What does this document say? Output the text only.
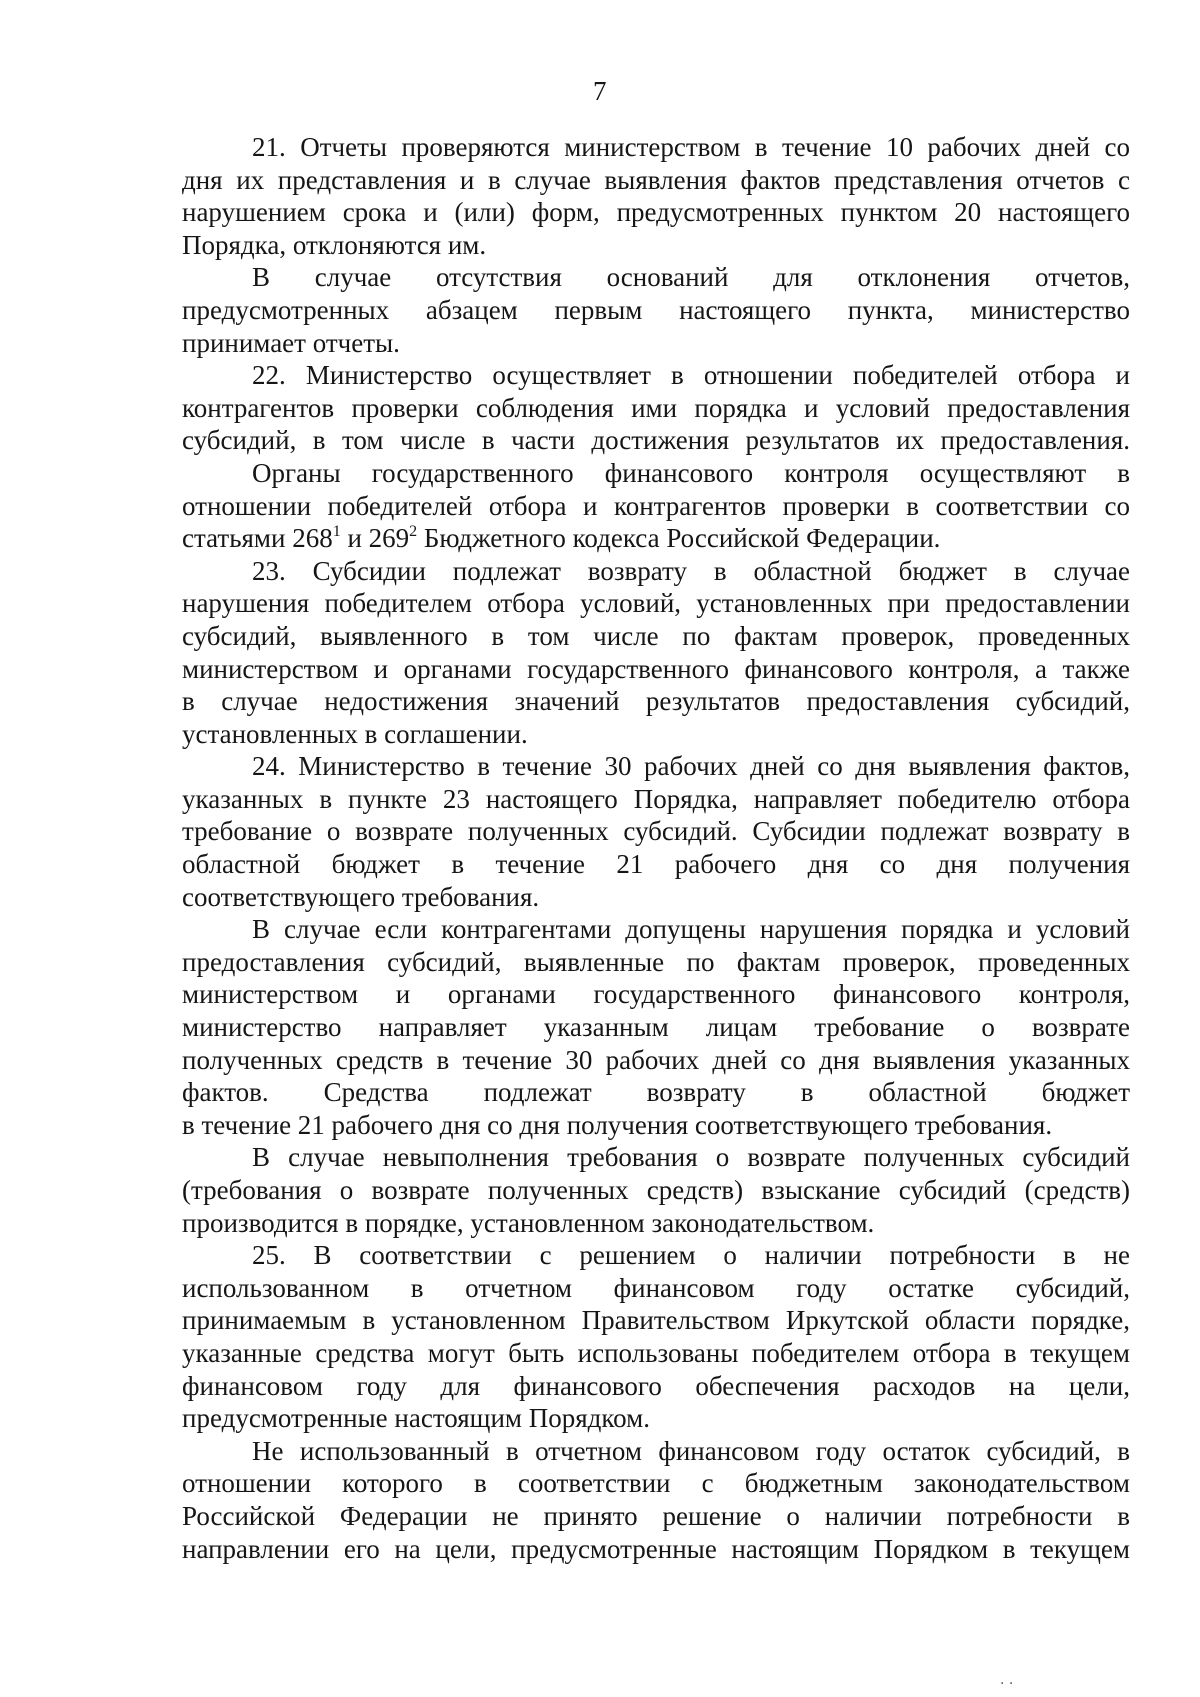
7
21. Отчеты проверяются министерством в течение 10 рабочих дней со
дня их представления и в случае выявления фактов представления отчетов с
нарушением срока и (или) форм, предусмотренных пунктом 20 настоящего
Порядка, отклоняются им.
В случае отсутствия оснований для отклонения отчетов,
предусмотренных абзацем первым настоящего пункта, министерство
принимает отчеты.
22. Министерство осуществляет в отношении победителей отбора и
контрагентов проверки соблюдения ими порядка и условий предоставления
субсидий, в том числе в части достижения результатов их предоставления.
Органы государственного финансового контроля осуществляют в
отношении победителей отбора и контрагентов проверки в соответствии со
статьями $268^1$ и $269^2$ Бюджетного кодекса Российской Федерации.
23. Субсидии подлежат возврату в областной бюджет в случае
нарушения победителем отбора условий, установленных при предоставлении
субсидий, выявленного в том числе по фактам проверок, проведенных
министерством и органами государственного финансового контроля, а также
в случае недостижения значений результатов предоставления субсидий,
установленных в соглашении.
24. Министерство в течение 30 рабочих дней со дня выявления фактов,
указанных в пункте 23 настоящего Порядка, направляет победителю отбора
требование о возврате полученных субсидий. Субсидии подлежат возврату в
областной бюджет в течение 21 рабочего дня со дня получения
соответствующего требования.
В случае если контрагентами допущены нарушения порядка и условий
предоставления субсидий, выявленные по фактам проверок, проведенных
министерством и органами государственного финансового контроля,
министерство направляет указанным лицам требование о возврате
полученных средств в течение 30 рабочих дней со дня выявления указанных
фактов. Средства подлежат возврату в областной бюджет
в течение 21 рабочего дня со дня получения соответствующего требования.
В случае невыполнения требования о возврате полученных субсидий
(требования о возврате полученных средств) взыскание субсидий (средств)
производится в порядке, установленном законодательством.
25. В соответствии с решением о наличии потребности в не
использованном в отчетном финансовом году остатке субсидий,
принимаемым в установленном Правительством Иркутской области порядке,
указанные средства могут быть использованы победителем отбора в текущем
финансовом году для финансового обеспечения расходов на цели,
предусмотренные настоящим Порядком.
Не использованный в отчетном финансовом году остаток субсидий, в
отношении которого в соответствии с бюджетным законодательством
Российской Федерации не принято решение о наличии потребности в
направлении его на цели, предусмотренные настоящим Порядком в текущем
· ·
